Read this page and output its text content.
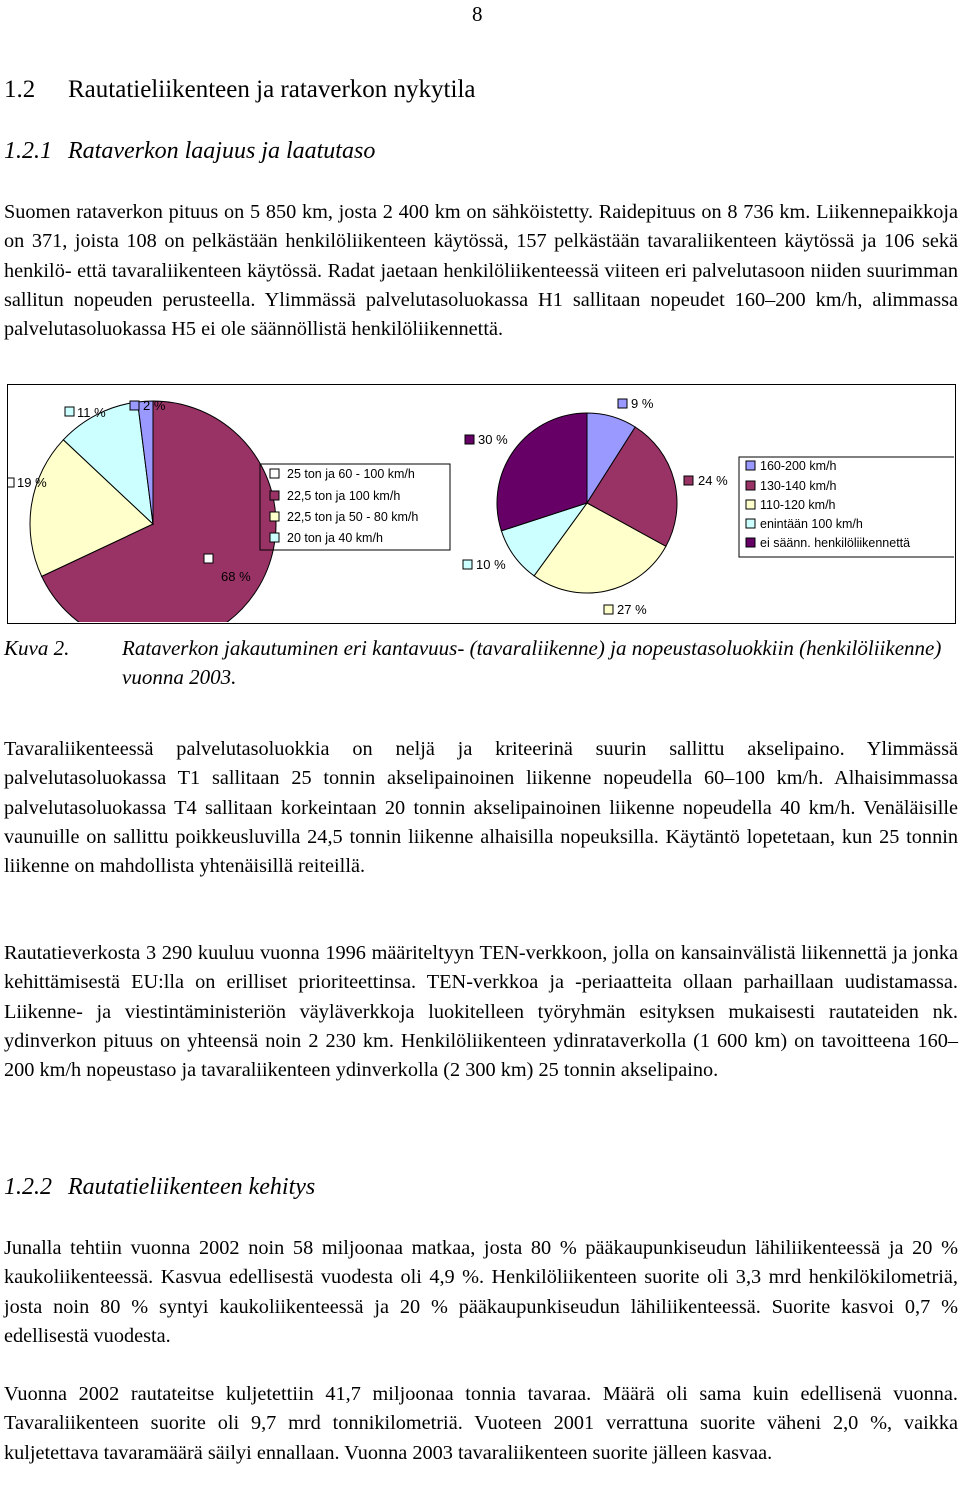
8
1.2 Rautatieliikenteen ja rataverkon nykytila
1.2.1 Rataverkon laajuus ja laatutaso

Suomen rataverkon pituus on 5 850 km, josta 2 400 km on sähköistetty. Raidepituus on 8 736 km. Liikennepaikkoja on 371, joista 108 on pelkästään henkilöliikenteen käytössä, 157 pelkästään tavaraliikenteen käytössä ja 106 sekä henkilö- että tavaraliikenteen käytössä. Radat jaetaan henkilöliikenteessä viiteen eri palvelutasoon niiden suurimman sallitun nopeuden perusteella. Ylimmässä palvelutasoluokassa H1 sallitaan nopeudet 160–200 km/h, alimmassa palvelutasoluokassa H5 ei ole säännöllistä henkilöliikennettä.

68 %
19 %
11 %	2 %
25 ton ja 60 - 100 km/h
22,5 ton ja 100 km/h
22,5 ton ja 50 - 80 km/h
20 ton ja 40 km/h
9 %
24 %
27 %
10 %
30 %
160-200 km/h
130-140 km/h
110-120 km/h
enintään 100 km/h
ei säänn. henkilöliikennettä
Kuva 2.	Rataverkon jakautuminen eri kantavuus- (tavaraliikenne) ja nopeustasoluokkiin (henkilöliikenne) vuonna 2003.

Tavaraliikenteessä palvelutasoluokkia on neljä ja kriteerinä suurin sallittu akselipaino. Ylimmässä palvelutasoluokassa T1 sallitaan 25 tonnin akselipainoinen liikenne nopeudella 60–100 km/h. Alhaisimmassa palvelutasoluokassa T4 sallitaan korkeintaan 20 tonnin akselipainoinen liikenne nopeudella 40 km/h. Venäläisille vaunuille on sallittu poikkeusluvilla 24,5 tonnin liikenne alhaisilla nopeuksilla. Käytäntö lopetetaan, kun 25 tonnin liikenne on mahdollista yhtenäisillä reiteillä.

Rautatieverkosta 3 290 kuuluu vuonna 1996 määriteltyyn TEN-verkkoon, jolla on kansainvälistä liikennettä ja jonka kehittämisestä EU:lla on erilliset prioriteettinsa. TEN-verkkoa ja -periaatteita ollaan parhaillaan uudistamassa. Liikenne- ja viestintäministeriön väyläverkkoja luokitelleen työryhmän esityksen mukaisesti rautateiden nk. ydinverkon pituus on yhteensä noin 2 230 km. Henkilöliikenteen ydinrataverkolla (1 600 km) on tavoitteena 160–200 km/h nopeustaso ja tavaraliikenteen ydinverkolla (2 300 km) 25 tonnin akselipaino.

1.2.2 Rautatieliikenteen kehitys

Junalla tehtiin vuonna 2002 noin 58 miljoonaa matkaa, josta 80 % pääkaupunkiseudun lähiliikenteessä ja 20 % kaukoliikenteessä. Kasvua edellisestä vuodesta oli 4,9 %. Henkilöliikenteen suorite oli 3,3 mrd henkilökilometriä, josta noin 80 % syntyi kaukoliikenteessä ja 20 % pääkaupunkiseudun lähiliikenteessä. Suorite kasvoi 0,7 % edellisestä vuodesta.

Vuonna 2002 rautateitse kuljetettiin 41,7 miljoonaa tonnia tavaraa. Määrä oli sama kuin edellisenä vuonna. Tavaraliikenteen suorite oli 9,7 mrd tonnikilometriä. Vuoteen 2001 verrattuna suorite väheni 2,0 %, vaikka kuljetettava tavaramäärä säilyi ennallaan. Vuonna 2003 tavaraliikenteen suorite jälleen kasvaa.
